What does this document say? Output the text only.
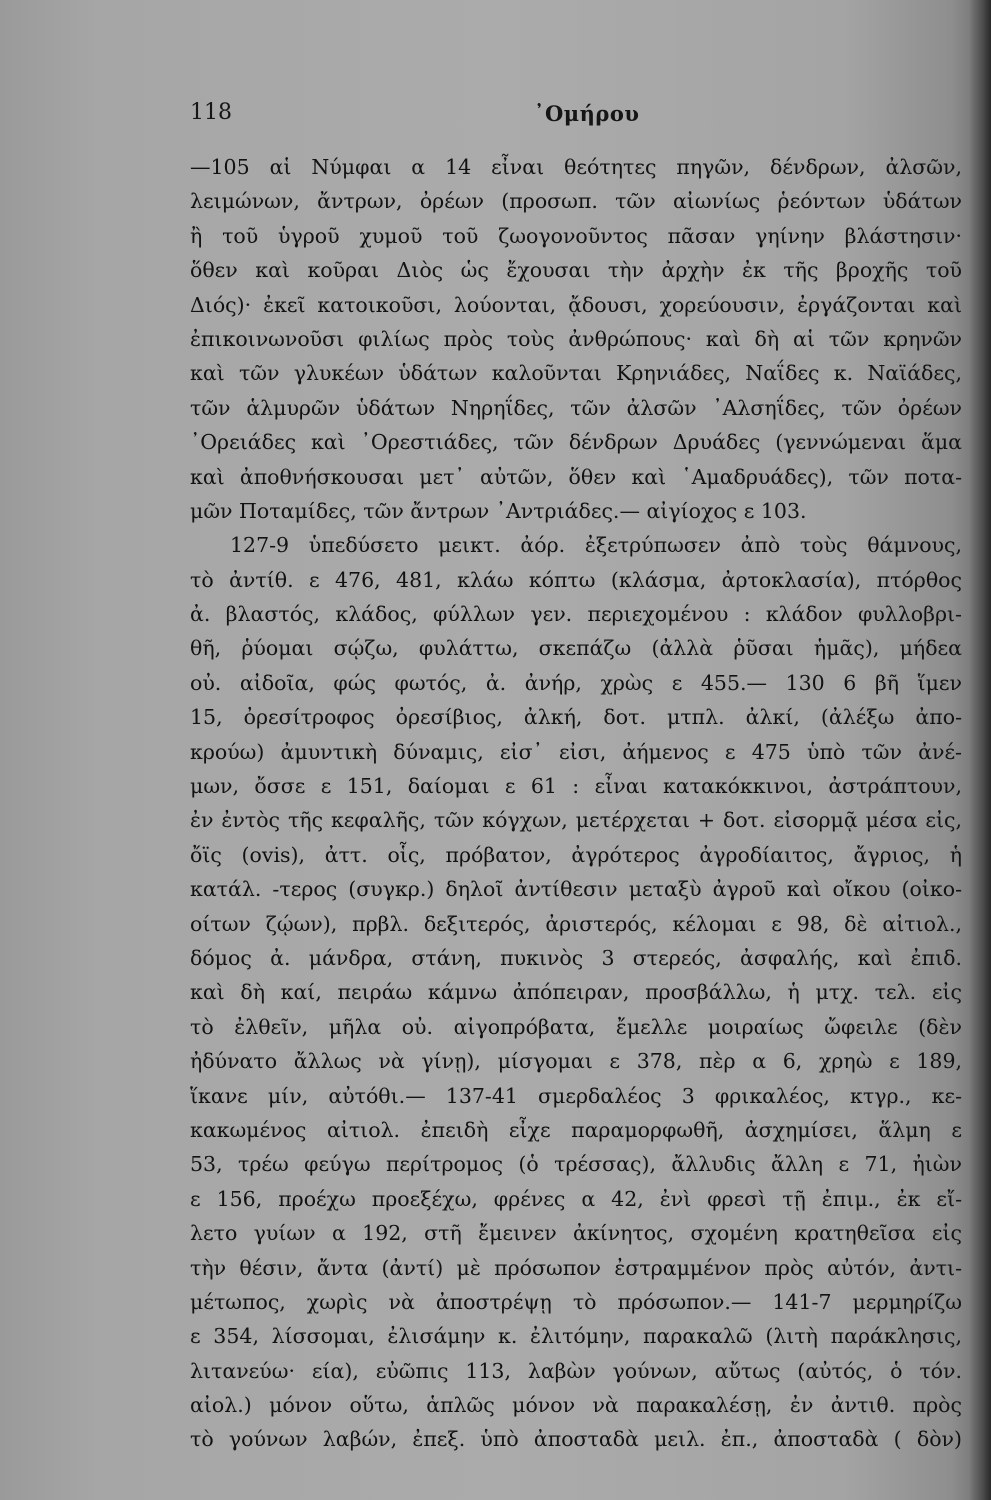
118	᾿Ομήρου
—105 αἱ Νύμφαι α 14 εἶναι θεότητες πηγῶν, δένδρων, ἀλσῶν,
λειμώνων, ἄντρων, ὀρέων (προσωπ. τῶν αἰωνίως ῥεόντων ὑδάτων
ἢ τοῦ ὑγροῦ χυμοῦ τοῦ ζωογονοῦντος πᾶσαν γηίνην βλάστησιν·
ὅθεν καὶ κοῦραι Διὸς ὡς ἔχουσαι τὴν ἀρχὴν ἐκ τῆς βροχῆς τοῦ
Διός)· ἐκεῖ κατοικοῦσι, λούονται, ᾄδουσι, χορεύουσιν, ἐργάζονται καὶ
ἐπικοινωνοῦσι φιλίως πρὸς τοὺς ἀνθρώπους· καὶ δὴ αἱ τῶν κρηνῶν
καὶ τῶν γλυκέων ὑδάτων καλοῦνται Κρηνιάδες, Ναΐδες κ. Ναϊάδες,
τῶν ἁλμυρῶν ὑδάτων Νηρηΐδες, τῶν ἀλσῶν ᾿Αλσηΐδες, τῶν ὀρέων
᾿Ορειάδες καὶ ᾿Ορεστιάδες, τῶν δένδρων Δρυάδες (γεννώμεναι ἅμα
καὶ ἀποθνήσκουσαι μετ᾿ αὐτῶν, ὅθεν καὶ ῾Αμαδρυάδες), τῶν ποτα-
μῶν Ποταμίδες, τῶν ἄντρων ᾿Αντριάδες.— αἰγίοχος ε 103.
127-9 ὑπεδύσετο μεικτ. ἀόρ. ἐξετρύπωσεν ἀπὸ τοὺς θάμνους,
τὸ ἀντίθ. ε 476, 481, κλάω κόπτω (κλάσμα, ἀρτοκλασία), πτόρθος
ἀ. βλαστός, κλάδος, φύλλων γεν. περιεχομένου : κλάδον φυλλοβρι-
θῆ, ῥύομαι σῴζω, φυλάττω, σκεπάζω (ἀλλὰ ῥῦσαι ἡμᾶς), μήδεα
οὐ. αἰδοῖα, φώς φωτός, ἀ. ἀνήρ, χρὼς ε 455.— 130 6 βῆ ἵμεν
15, ὀρεσίτροφος ὀρεσίβιος, ἀλκή, δοτ. μτπλ. ἀλκί, (ἀλέξω ἀπο-
κρούω) ἀμυντικὴ δύναμις, εἰσ᾿ εἰσι, ἀήμενος ε 475 ὑπὸ τῶν ἀνέ-
μων, ὄσσε ε 151, δαίομαι ε 61 : εἶναι κατακόκκινοι, ἀστράπτουν,
ἐν ἐντὸς τῆς κεφαλῆς, τῶν κόγχων, μετέρχεται + δοτ. εἰσορμᾷ μέσα εἰς,
ὄϊς (ovis), ἀττ. οἷς, πρόβατον, ἀγρότερος ἀγροδίαιτος, ἄγριος, ἡ
κατάλ. -τερος (συγκρ.) δηλοῖ ἀντίθεσιν μεταξὺ ἀγροῦ καὶ οἴκου (οἰκο-
οίτων ζῴων), πρβλ. δεξιτερός, ἀριστερός, κέλομαι ε 98, δὲ αἰτιολ.,
δόμος ἀ. μάνδρα, στάνη, πυκινὸς 3 στερεός, ἀσφαλής, καὶ ἐπιδ.
καὶ δὴ καί, πειράω κάμνω ἀπόπειραν, προσβάλλω, ἡ μτχ. τελ. εἰς
τὸ ἐλθεῖν, μῆλα οὐ. αἰγοπρόβατα, ἔμελλε μοιραίως ὤφειλε (δὲν
ἠδύνατο ἄλλως νὰ γίνῃ), μίσγομαι ε 378, πὲρ α 6, χρηὼ ε 189,
ἵκανε μίν, αὐτόθι.— 137-41 σμερδαλέος 3 φρικαλέος, κτγρ., κε-
κακωμένος αἰτιολ. ἐπειδὴ εἶχε παραμορφωθῆ, ἀσχημίσει, ἅλμη ε
53, τρέω φεύγω περίτρομος (ὁ τρέσσας), ἄλλυδις ἄλλη ε 71, ἠιὼν
ε 156, προέχω προεξέχω, φρένες α 42, ἐνὶ φρεσὶ τῇ ἐπιμ., ἐκ εἴ-
λετο γυίων α 192, στῆ ἔμεινεν ἀκίνητος, σχομένη κρατηθεῖσα εἰς
τὴν θέσιν, ἄντα (ἀντί) μὲ πρόσωπον ἐστραμμένον πρὸς αὐτόν, ἀντι-
μέτωπος, χωρὶς νὰ ἀποστρέψῃ τὸ πρόσωπον.— 141-7 μερμηρίζω
ε 354, λίσσομαι, ἐλισάμην κ. ἐλιτόμην, παρακαλῶ (λιτὴ παράκλησις,
λιτανεύω· εία), εὐῶπις 113, λαβὼν γούνων, αὔτως (αὐτός, ὁ τόν.
αἰολ.) μόνον οὕτω, ἁπλῶς μόνον νὰ παρακαλέσῃ, ἐν ἀντιθ. πρὸς
τὸ γούνων λαβών, ἐπεξ. ὑπὸ ἀποσταδὰ μειλ. ἐπ., ἀποσταδὰ ( δὸν)
